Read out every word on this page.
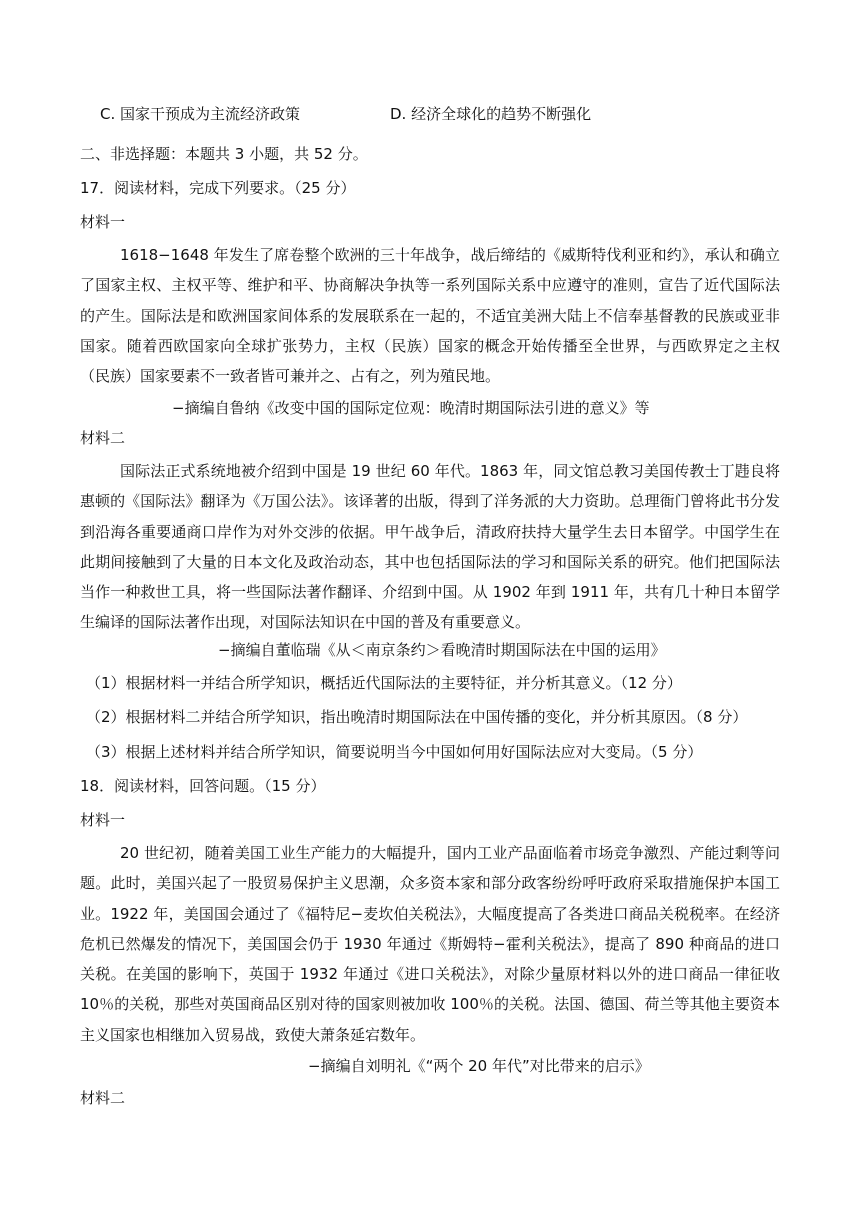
C. 国家干预成为主流经济政策	D. 经济全球化的趋势不断强化
二、非选择题：本题共 3 小题，共 52 分。
17．阅读材料，完成下列要求。（25 分）
材料一
1618−1648 年发生了席卷整个欧洲的三十年战争，战后缔结的《威斯特伐利亚和约》，承认和确立了国家主权、主权平等、维护和平、协商解决争执等一系列国际关系中应遵守的准则，宣告了近代国际法的产生。国际法是和欧洲国家间体系的发展联系在一起的，不适宜美洲大陆上不信奉基督教的民族或亚非国家。随着西欧国家向全球扩张势力，主权（民族）国家的概念开始传播至全世界，与西欧界定之主权（民族）国家要素不一致者皆可兼并之、占有之，列为殖民地。
−摘编自鲁纳《改变中国的国际定位观：晚清时期国际法引进的意义》等
材料二
国际法正式系统地被介绍到中国是 19 世纪 60 年代。1863 年，同文馆总教习美国传教士丁韪良将惠顿的《国际法》翻译为《万国公法》。该译著的出版，得到了洋务派的大力资助。总理衙门曾将此书分发到沿海各重要通商口岸作为对外交涉的依据。甲午战争后，清政府扶持大量学生去日本留学。中国学生在此期间接触到了大量的日本文化及政治动态，其中也包括国际法的学习和国际关系的研究。他们把国际法当作一种救世工具，将一些国际法著作翻译、介绍到中国。从 1902 年到 1911 年，共有几十种日本留学生编译的国际法著作出现，对国际法知识在中国的普及有重要意义。
−摘编自董临瑞《从＜南京条约＞看晚清时期国际法在中国的运用》
（1）根据材料一并结合所学知识，概括近代国际法的主要特征，并分析其意义。（12 分）
（2）根据材料二并结合所学知识，指出晚清时期国际法在中国传播的变化，并分析其原因。（8 分）
（3）根据上述材料并结合所学知识，简要说明当今中国如何用好国际法应对大变局。（5 分）
18．阅读材料，回答问题。（15 分）
材料一
20 世纪初，随着美国工业生产能力的大幅提升，国内工业产品面临着市场竞争激烈、产能过剩等问题。此时，美国兴起了一股贸易保护主义思潮，众多资本家和部分政客纷纷呼吁政府采取措施保护本国工业。1922 年，美国国会通过了《福特尼−麦坎伯关税法》，大幅度提高了各类进口商品关税税率。在经济危机已然爆发的情况下，美国国会仍于 1930 年通过《斯姆特−霍利关税法》，提高了 890 种商品的进口关税。在美国的影响下，英国于 1932 年通过《进口关税法》，对除少量原材料以外的进口商品一律征收 10％的关税，那些对英国商品区别对待的国家则被加收 100％的关税。法国、德国、荷兰等其他主要资本主义国家也相继加入贸易战，致使大萧条延宕数年。
−摘编自刘明礼《“两个 20 年代”对比带来的启示》
材料二
